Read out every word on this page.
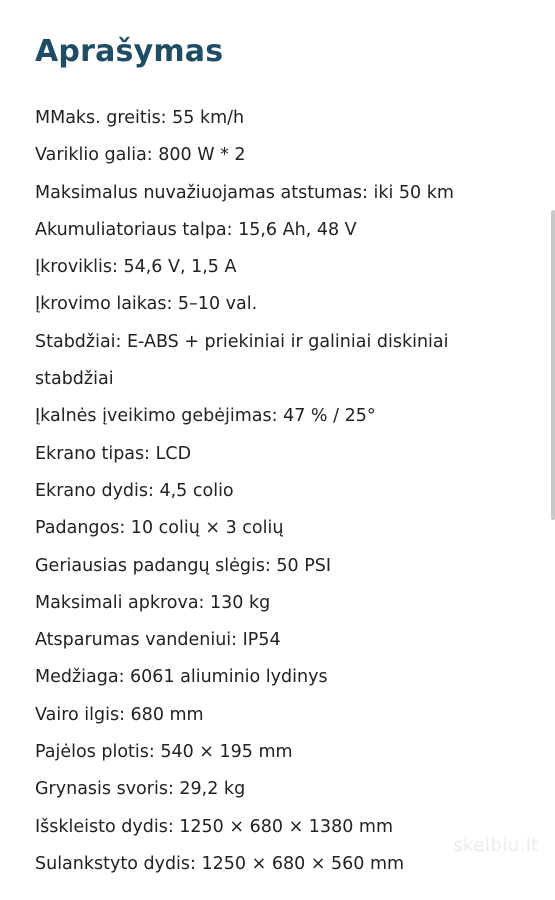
Aprašymas
MMaks. greitis: 55 km/h
Variklio galia: 800 W * 2
Maksimalus nuvažiuojamas atstumas: iki 50 km
Akumuliatoriaus talpa: 15,6 Ah, 48 V
Įkroviklis: 54,6 V, 1,5 A
Įkrovimo laikas: 5–10 val.
Stabdžiai: E-ABS + priekiniai ir galiniai diskiniai stabdžiai
Įkalnės įveikimo gebėjimas: 47 % / 25°
Ekrano tipas: LCD
Ekrano dydis: 4,5 colio
Padangos: 10 colių × 3 colių
Geriausias padangų slėgis: 50 PSI
Maksimali apkrova: 130 kg
Atsparumas vandeniui: IP54
Medžiaga: 6061 aliuminio lydinys
Vairo ilgis: 680 mm
Pajėlos plotis: 540 × 195 mm
Grynasis svoris: 29,2 kg
Išskleisto dydis: 1250 × 680 × 1380 mm
Sulankstyto dydis: 1250 × 680 × 560 mm
skelbiu.lt
